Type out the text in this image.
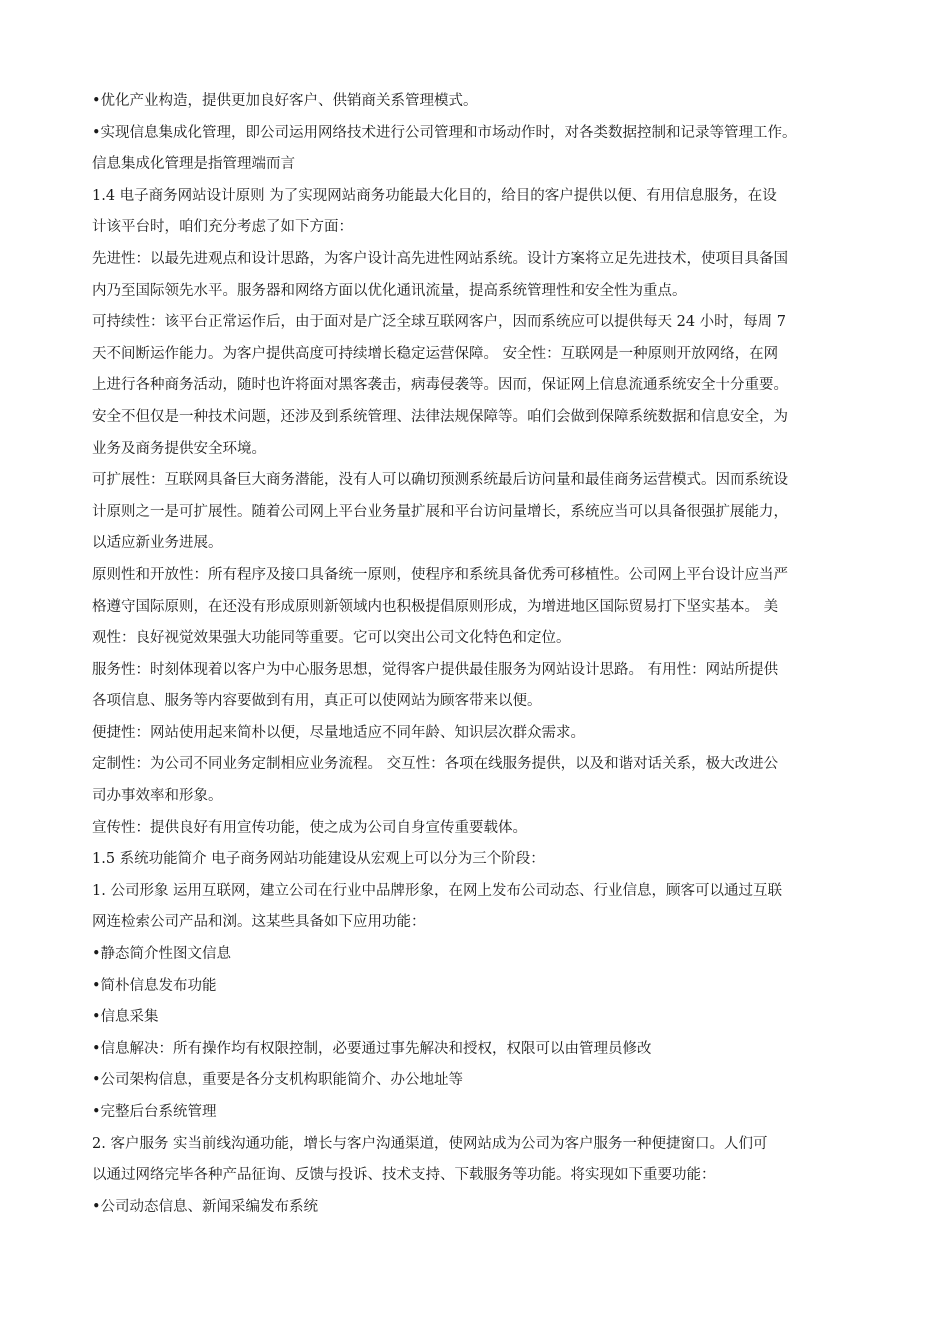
•优化产业构造，提供更加良好客户、供销商关系管理模式。
•实现信息集成化管理，即公司运用网络技术进行公司管理和市场动作时，对各类数据控制和记录等管理工作。
信息集成化管理是指管理端而言
1.4 电子商务网站设计原则 为了实现网站商务功能最大化目的，给目的客户提供以便、有用信息服务，在设
计该平台时，咱们充分考虑了如下方面：
先进性：以最先进观点和设计思路，为客户设计高先进性网站系统。设计方案将立足先进技术，使项目具备国
内乃至国际领先水平。服务器和网络方面以优化通讯流量，提高系统管理性和安全性为重点。
可持续性：该平台正常运作后，由于面对是广泛全球互联网客户，因而系统应可以提供每天 24 小时，每周 7
天不间断运作能力。为客户提供高度可持续增长稳定运营保障。 安全性：互联网是一种原则开放网络，在网
上进行各种商务活动，随时也许将面对黑客袭击，病毒侵袭等。因而，保证网上信息流通系统安全十分重要。
安全不但仅是一种技术问题，还涉及到系统管理、法律法规保障等。咱们会做到保障系统数据和信息安全，为
业务及商务提供安全环境。
可扩展性：互联网具备巨大商务潜能，没有人可以确切预测系统最后访问量和最佳商务运营模式。因而系统设
计原则之一是可扩展性。随着公司网上平台业务量扩展和平台访问量增长，系统应当可以具备很强扩展能力，
以适应新业务进展。
原则性和开放性：所有程序及接口具备统一原则，使程序和系统具备优秀可移植性。公司网上平台设计应当严
格遵守国际原则，在还没有形成原则新领域内也积极提倡原则形成，为增进地区国际贸易打下坚实基本。 美
观性：良好视觉效果强大功能同等重要。它可以突出公司文化特色和定位。
服务性：时刻体现着以客户为中心服务思想，觉得客户提供最佳服务为网站设计思路。 有用性：网站所提供
各项信息、服务等内容要做到有用，真正可以使网站为顾客带来以便。
便捷性：网站使用起来简朴以便，尽量地适应不同年龄、知识层次群众需求。
定制性：为公司不同业务定制相应业务流程。 交互性：各项在线服务提供，以及和谐对话关系，极大改进公
司办事效率和形象。
宣传性：提供良好有用宣传功能，使之成为公司自身宣传重要载体。
1.5 系统功能简介 电子商务网站功能建设从宏观上可以分为三个阶段：
1. 公司形象 运用互联网，建立公司在行业中品牌形象，在网上发布公司动态、行业信息，顾客可以通过互联
网连检索公司产品和浏。这某些具备如下应用功能：
•静态简介性图文信息
•简朴信息发布功能
•信息采集
•信息解决：所有操作均有权限控制，必要通过事先解决和授权，权限可以由管理员修改
•公司架构信息，重要是各分支机构职能简介、办公地址等
•完整后台系统管理
2. 客户服务 实当前线沟通功能，增长与客户沟通渠道，使网站成为公司为客户服务一种便捷窗口。人们可
以通过网络完毕各种产品征询、反馈与投诉、技术支持、下载服务等功能。将实现如下重要功能：
•公司动态信息、新闻采编发布系统
